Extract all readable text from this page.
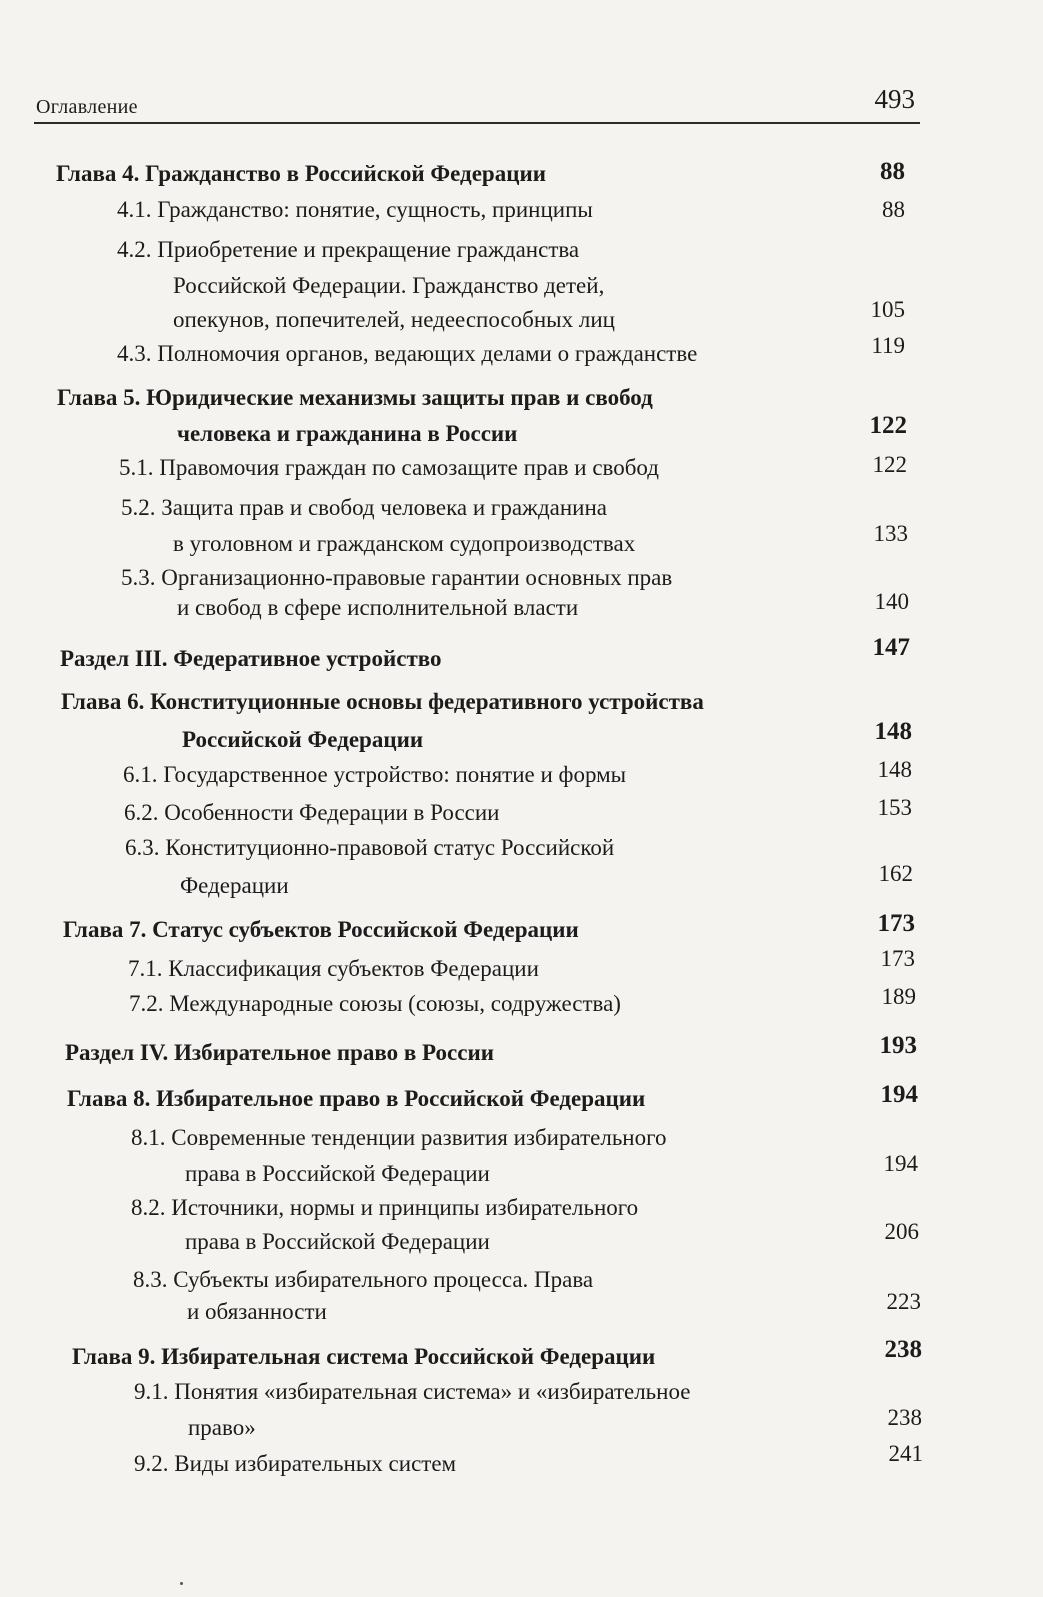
Оглавление	493
Глава 4. Гражданство в Российской Федерации	88
4.1. Гражданство: понятие, сущность, принципы	88
4.2. Приобретение и прекращение гражданства
Российской Федерации. Гражданство детей,
опекунов, попечителей, недееспособных лиц	105
4.3. Полномочия органов, ведающих делами о гражданстве	119
Глава 5. Юридические механизмы защиты прав и свобод
человека и гражданина в России	122
5.1. Правомочия граждан по самозащите прав и свобод	122
5.2. Защита прав и свобод человека и гражданина
в уголовном и гражданском судопроизводствах	133
5.3. Организационно-правовые гарантии основных прав
и свобод в сфере исполнительной власти	140
Раздел III. Федеративное устройство	147
Глава 6. Конституционные основы федеративного устройства
Российской Федерации	148
6.1. Государственное устройство: понятие и формы	148
6.2. Особенности Федерации в России	153
6.3. Конституционно-правовой статус Российской
Федерации	162
Глава 7. Статус субъектов Российской Федерации	173
7.1. Классификация субъектов Федерации	173
7.2. Международные союзы (союзы, содружества)	189
Раздел IV. Избирательное право в России	193
Глава 8. Избирательное право в Российской Федерации	194
8.1. Современные тенденции развития избирательного
права в Российской Федерации	194
8.2. Источники, нормы и принципы избирательного
права в Российской Федерации	206
8.3. Субъекты избирательного процесса. Права
и обязанности	223
Глава 9. Избирательная система Российской Федерации	238
9.1. Понятия «избирательная система» и «избирательное
право»	238
9.2. Виды избирательных систем	241
